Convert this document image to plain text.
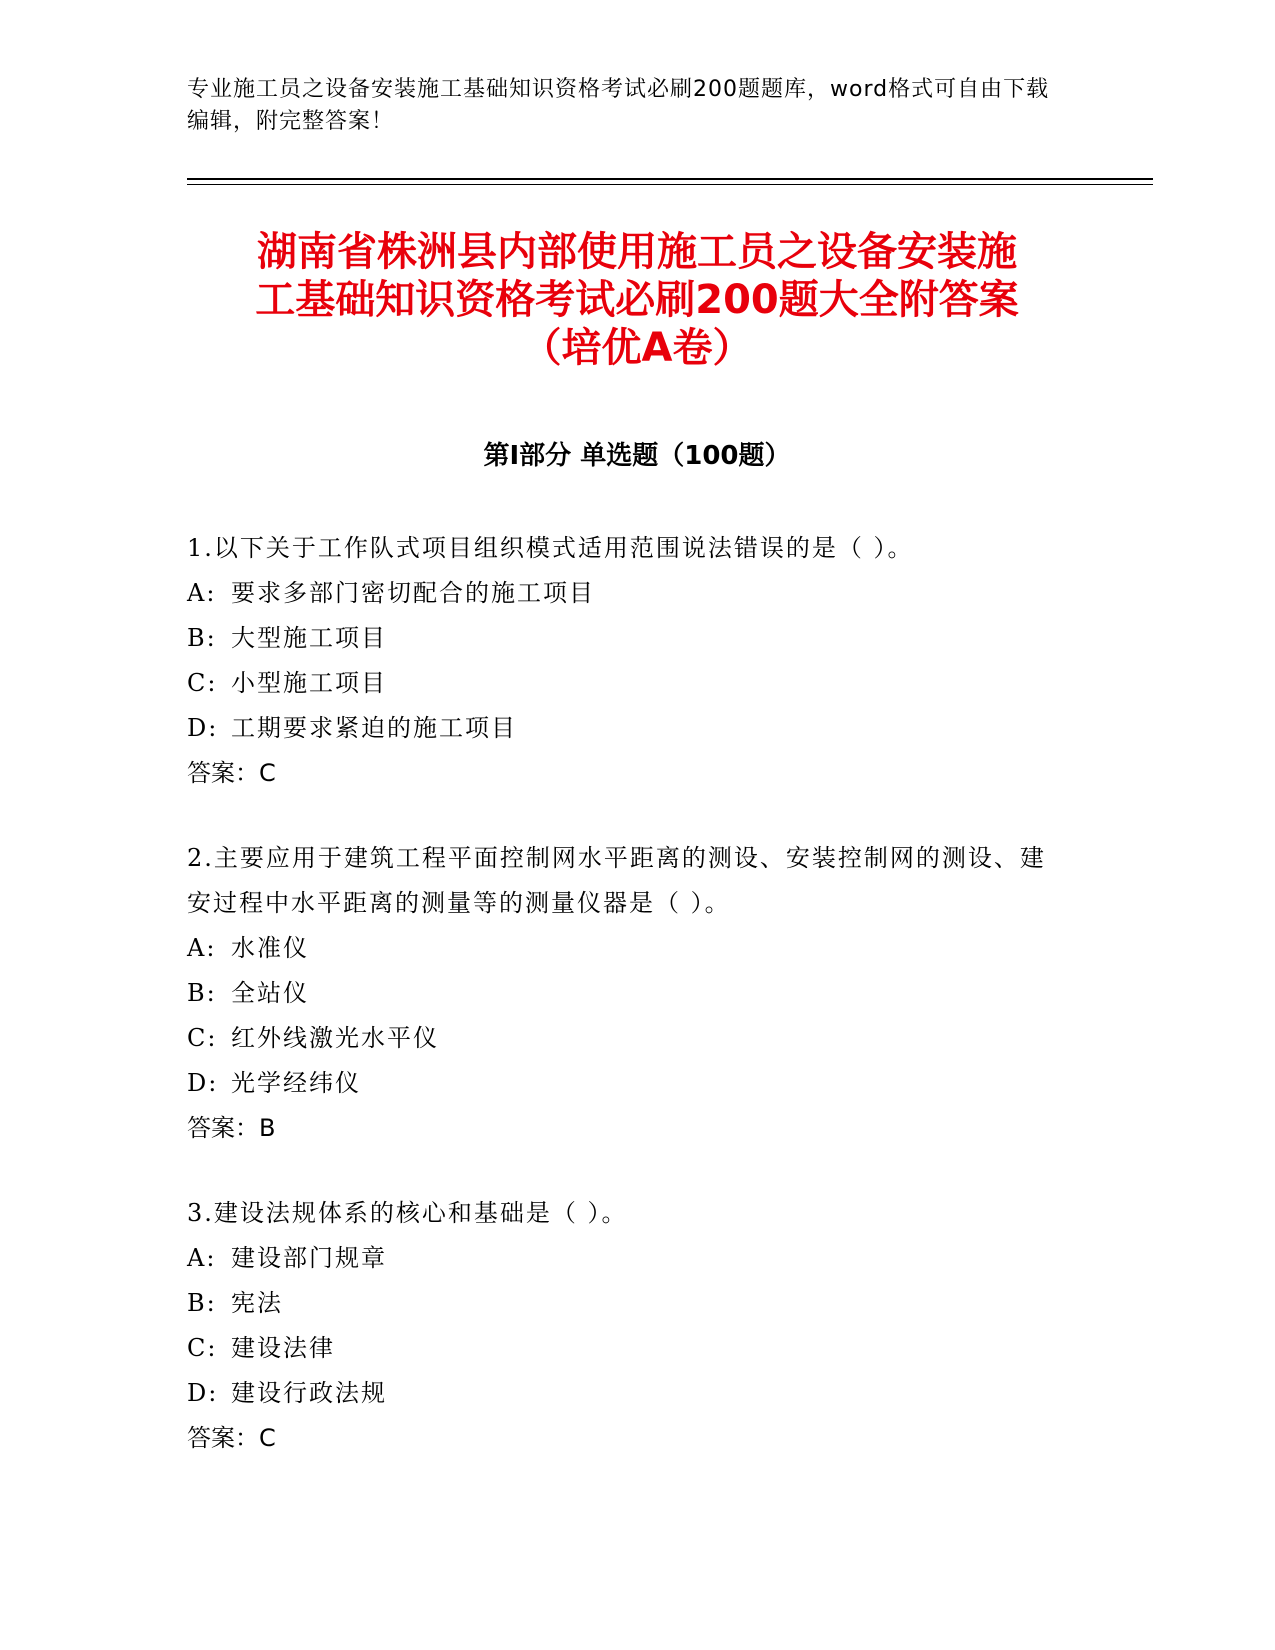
专业施工员之设备安装施工基础知识资格考试必刷200题题库，word格式可自由下载编辑，附完整答案！
湖南省株洲县内部使用施工员之设备安装施
工基础知识资格考试必刷200题大全附答案
（培优A卷）
第Ⅰ部分 单选题（100题）
1.以下关于工作队式项目组织模式适用范围说法错误的是（ ）。
A: 要求多部门密切配合的施工项目
B: 大型施工项目
C: 小型施工项目
D: 工期要求紧迫的施工项目
答案：C
2.主要应用于建筑工程平面控制网水平距离的测设、安装控制网的测设、建安过程中水平距离的测量等的测量仪器是（ ）。
A: 水准仪
B: 全站仪
C: 红外线激光水平仪
D: 光学经纬仪
答案：B
3.建设法规体系的核心和基础是（ ）。
A: 建设部门规章
B: 宪法
C: 建设法律
D: 建设行政法规
答案：C
